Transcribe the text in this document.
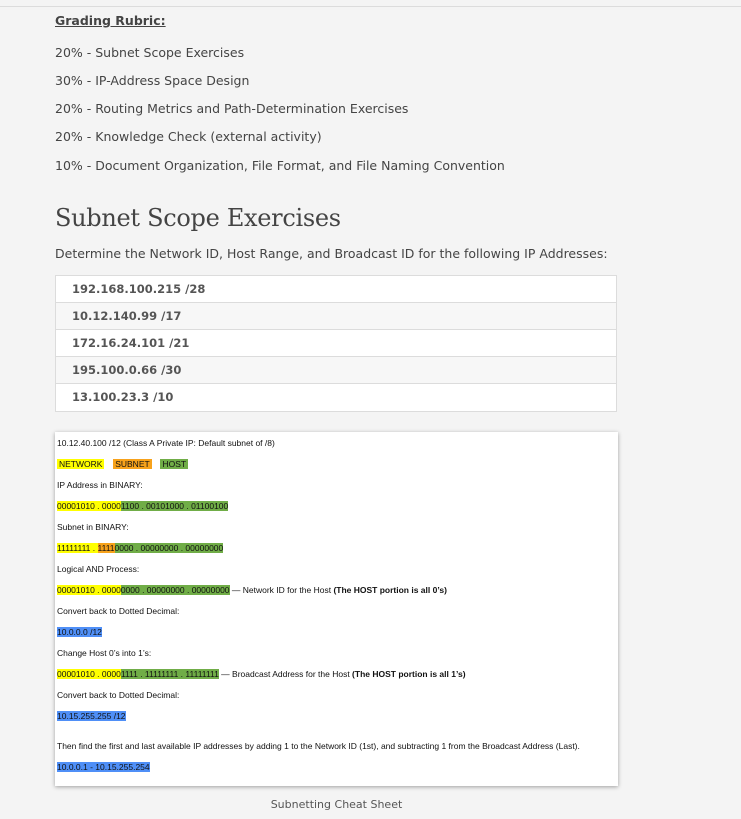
Grading Rubric:
20% - Subnet Scope Exercises
30% - IP-Address Space Design
20% - Routing Metrics and Path-Determination Exercises
20% - Knowledge Check (external activity)
10% - Document Organization, File Format, and File Naming Convention
Subnet Scope Exercises
Determine the Network ID, Host Range, and Broadcast ID for the following IP Addresses:
192.168.100.215 /28
10.12.140.99 /17
172.16.24.101 /21
195.100.0.66 /30
13.100.23.3 /10
10.12.40.100 /12 (Class A Private IP: Default subnet of /8)
NETWORK SUBNET HOST
IP Address in BINARY:
00001010 . 00001100 . 00101000 . 01100100
Subnet in BINARY:
11111111 . 11110000 . 00000000 . 00000000
Logical AND Process:
00001010 . 00000000 . 00000000 . 00000000 — Network ID for the Host (The HOST portion is all 0’s)
Convert back to Dotted Decimal:
10.0.0.0 /12
Change Host 0’s into 1’s:
00001010 . 00001111 . 11111111 . 11111111 — Broadcast Address for the Host (The HOST portion is all 1’s)
Convert back to Dotted Decimal:
10.15.255.255 /12
Then find the first and last available IP addresses by adding 1 to the Network ID (1st), and subtracting 1 from the Broadcast Address (Last).
10.0.0.1 - 10.15.255.254
Subnetting Cheat Sheet
